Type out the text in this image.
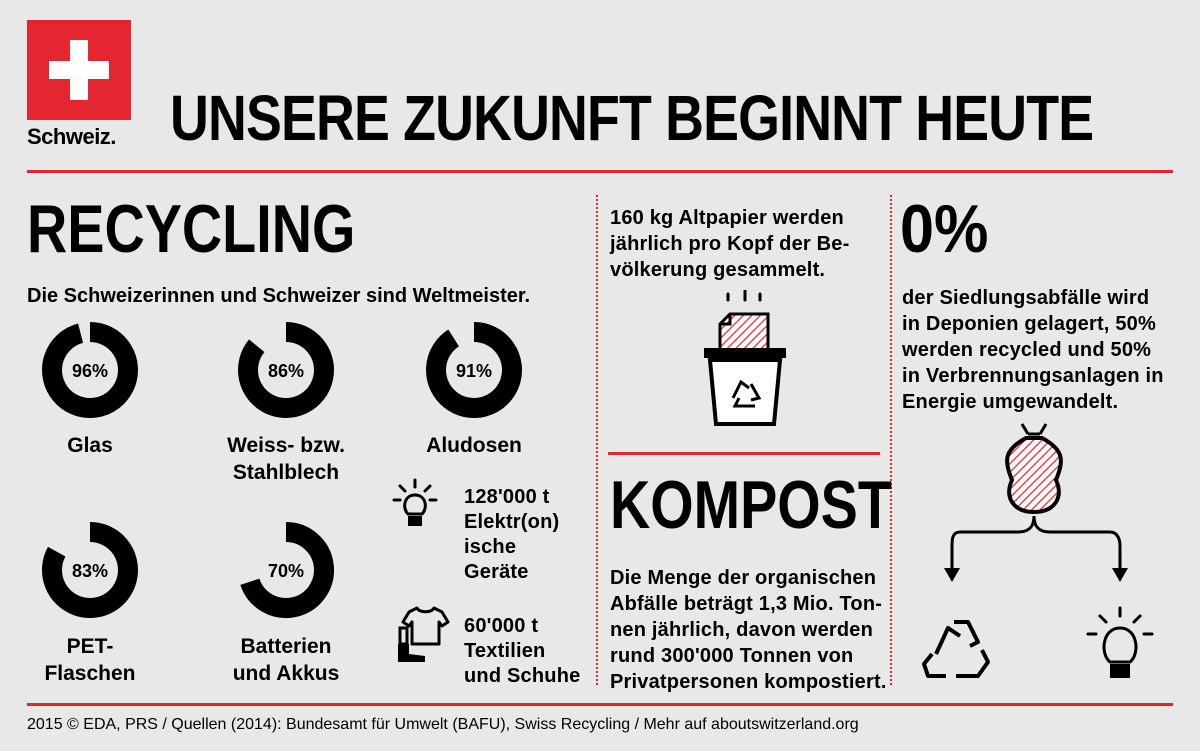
Schweiz. UNSERE ZUKUNFT BEGINNT HEUTE
RECYCLING
Die Schweizerinnen und Schweizer sind Weltmeister.
96%	86%	91%
83%	70%
Glas	Weiss- bzw.
Stahlblech
Aludosen
PET-
Flaschen
Batterien
und Akkus
128'000 t
Elektr(on)
ische
Geräte
60'000 t
Textilien
und Schuhe
160 kg Altpapier werden
jährlich pro Kopf der Be-
völkerung gesammelt.
KOMPOST
Die Menge der organischen
Abfälle beträgt 1,3 Mio. Ton-
nen jährlich, davon werden
rund 300'000 Tonnen von
Privatpersonen kompostiert.
0%
der Siedlungsabfälle wird
in Deponien gelagert, 50%
werden recycled und 50%
in Verbrennungsanlagen in
Energie umgewandelt.
2015 © EDA, PRS / Quellen (2014): Bundesamt für Umwelt (BAFU), Swiss Recycling / Mehr auf aboutswitzerland.org
